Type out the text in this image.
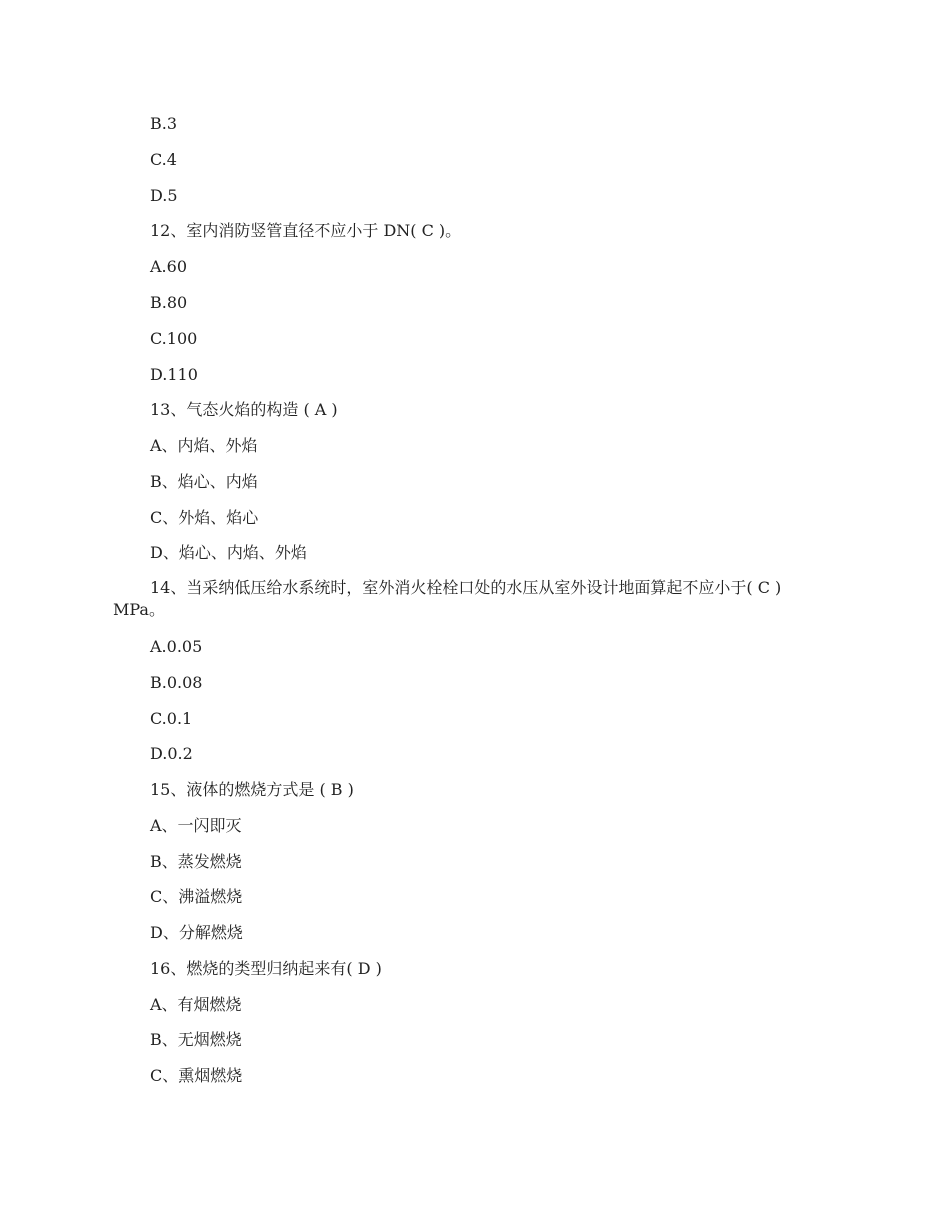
B.3
C.4
D.5
12、室内消防竖管直径不应小于 DN( C )。
A.60
B.80
C.100
D.110
13、气态火焰的构造 ( A )
A、内焰、外焰
B、焰心、内焰
C、外焰、焰心
D、焰心、内焰、外焰
14、当采纳低压给水系统时，室外消火栓栓口处的水压从室外设计地面算起不应小于( C ) MPa。
A.0.05
B.0.08
C.0.1
D.0.2
15、液体的燃烧方式是 ( B )
A、一闪即灭
B、蒸发燃烧
C、沸溢燃烧
D、分解燃烧
16、燃烧的类型归纳起来有( D )
A、有烟燃烧
B、无烟燃烧
C、熏烟燃烧
